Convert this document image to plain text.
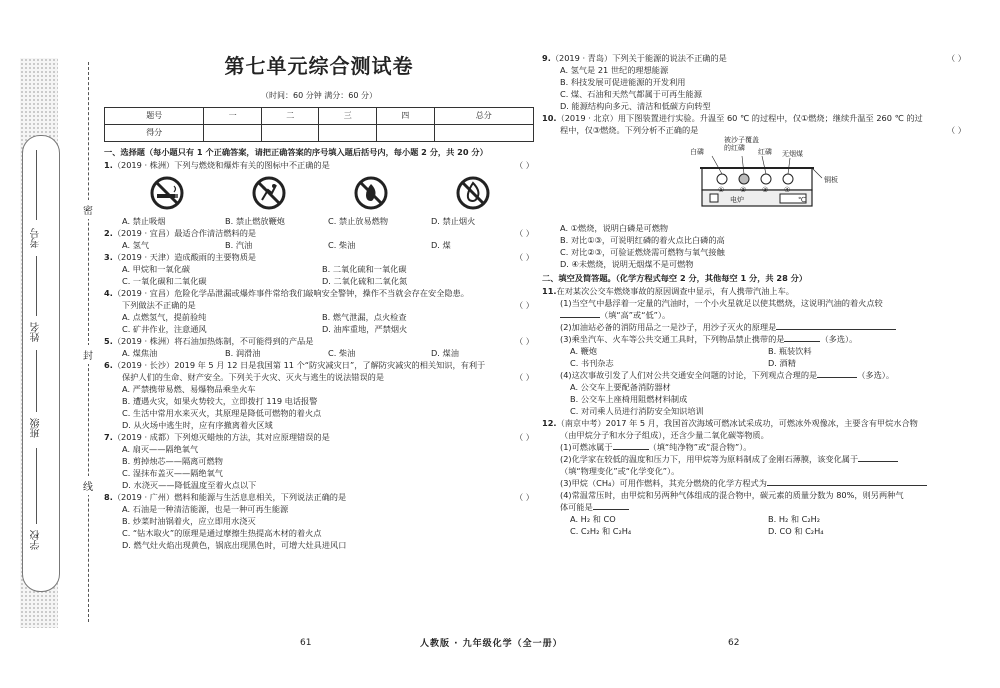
考号
姓名
班级
学校
密
封
线
第七单元综合测试卷
（时间：60 分钟 满分：60 分）
题号	一	二	三	四	总分
得分					
一、选择题（每小题只有 1 个正确答案，请把正确答案的序号填入题后括号内，每小题 2 分，共 20 分）
1.（2019 · 株洲）下列与燃烧和爆炸有关的图标中不正确的是	（ ）
A. 禁止吸烟	B. 禁止燃放鞭炮	C. 禁止放易燃物	D. 禁止烟火
2.（2019 · 宜昌）最适合作清洁燃料的是	（ ）
A. 氢气	B. 汽油	C. 柴油	D. 煤
3.（2019 · 天津）造成酸雨的主要物质是	（ ）
A. 甲烷和一氧化碳	B. 二氧化硫和一氧化碳
C. 一氧化碳和二氧化碳	D. 二氧化硫和二氧化氮
4.（2019 · 宜昌）危险化学品泄漏或爆炸事件常给我们敲响安全警钟，操作不当就会存在安全隐患。
下列做法不正确的是	（ ）
A. 点燃氢气，提前验纯	B. 燃气泄漏，点火检查
C. 矿井作业，注意通风	D. 油库重地，严禁烟火
5.（2019 · 株洲）将石油加热炼制，不可能得到的产品是	（ ）
A. 煤焦油	B. 润滑油	C. 柴油	D. 煤油
6.（2019 · 长沙）2019 年 5 月 12 日是我国第 11 个“防灾减灾日”，了解防灾减灾的相关知识，有利于
保护人们的生命、财产安全。下列关于火灾、灭火与逃生的说法错误的是	（ ）
A. 严禁携带易燃、易爆物品乘坐火车
B. 遭遇火灾，如果火势较大，立即拨打 119 电话报警
C. 生活中常用水来灭火，其原理是降低可燃物的着火点
D. 从火场中逃生时，应有序撤离着火区域
7.（2019 · 成都）下列熄灭蜡烛的方法，其对应原理错误的是	（ ）
A. 扇灭——隔绝氧气
B. 剪掉烛芯——隔离可燃物
C. 湿抹布盖灭——隔绝氧气
D. 水浇灭——降低温度至着火点以下
8.（2019 · 广州）燃料和能源与生活息息相关，下列说法正确的是	（ ）
A. 石油是一种清洁能源，也是一种可再生能源
B. 炒菜时油锅着火，应立即用水浇灭
C. “钻木取火”的原理是通过摩擦生热提高木材的着火点
D. 燃气灶火焰出现黄色，锅底出现黑色时，可增大灶具进风口
9.（2019 · 青岛）下列关于能源的说法不正确的是	（ ）
A. 氢气是 21 世纪的理想能源
B. 科技发展可促进能源的开发利用
C. 煤、石油和天然气都属于可再生能源
D. 能源结构向多元、清洁和低碳方向转型
10.（2019 · 北京）用下图装置进行实验。升温至 60 ℃ 的过程中，仅①燃烧；继续升温至 260 ℃ 的过
程中，仅③燃烧。下列分析不正确的是	（ ）
白磷
被沙子覆盖的红磷	红磷 无烟煤
铜板
电炉	℃
① ② ③ ④
A. ①燃烧，说明白磷是可燃物
B. 对比①③，可说明红磷的着火点比白磷的高
C. 对比②③，可验证燃烧需可燃物与氧气接触
D. ④未燃烧，说明无烟煤不是可燃物
二、填空及简答题。（化学方程式每空 2 分，其他每空 1 分，共 28 分）
11.在对某次公交车燃烧事故的原因调查中显示，有人携带汽油上车。
(1)当空气中悬浮着一定量的汽油时，一个小火星就足以使其燃烧，这说明汽油的着火点较
（填“高”或“低”）。
(2)加油站必备的消防用品之一是沙子，用沙子灭火的原理是
(3)乘坐汽车、火车等公共交通工具时，下列物品禁止携带的是	（多选）。
A. 鞭炮	B. 瓶装饮料
C. 书刊杂志	D. 酒精
(4)这次事故引发了人们对公共交通安全问题的讨论，下列观点合理的是	（多选）。
A. 公交车上要配备消防器材
B. 公交车上座椅用阻燃材料制成
C. 对司乘人员进行消防安全知识培训
12.（南京中考）2017 年 5 月，我国首次海域可燃冰试采成功，可燃冰外观像冰，主要含有甲烷水合物
（由甲烷分子和水分子组成），还含少量二氧化碳等物质。
(1)可燃冰属于	（填“纯净物”或“混合物”）。
(2)化学家在较低的温度和压力下，用甲烷等为原料制成了金刚石薄膜，该变化属于
（填“物理变化”或“化学变化”）。
(3)甲烷（CH₄）可用作燃料，其充分燃烧的化学方程式为
(4)常温常压时，由甲烷和另两种气体组成的混合物中，碳元素的质量分数为 80%，则另两种气
体可能是
A. H₂ 和 CO	B. H₂ 和 C₂H₂
C. C₂H₂ 和 C₂H₄	D. CO 和 C₂H₄
61	人教版 · 九年级化学（全一册）	62
